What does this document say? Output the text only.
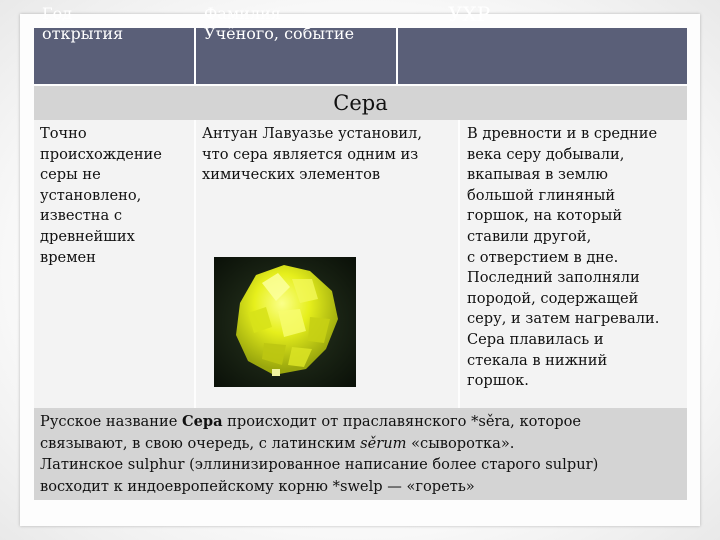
Год
открытия
Фамилия
Учёного, событие
УХР
Сера
Точно
происхождение
серы не
установлено,
известна с
древнейших
времен
Антуан Лавуазье установил,
что сера является одним из
химических элементов
В древности и в средние
века серу добывали,
вкапывая в землю
большой глиняный
горшок, на который
ставили другой,
с отверстием в дне.
Последний заполняли
породой, содержащей
серу, и затем нагревали.
Сера плавилась и
стекала в нижний
горшок.
Русское название Сера происходит от праславянского *sěra, которое
связывают, в свою очередь, с латинским sěrum «сыворотка».
Латинское sulphur (эллинизированное написание более старого sulpur)
восходит к индоевропейскому корню *swelp — «гореть»
